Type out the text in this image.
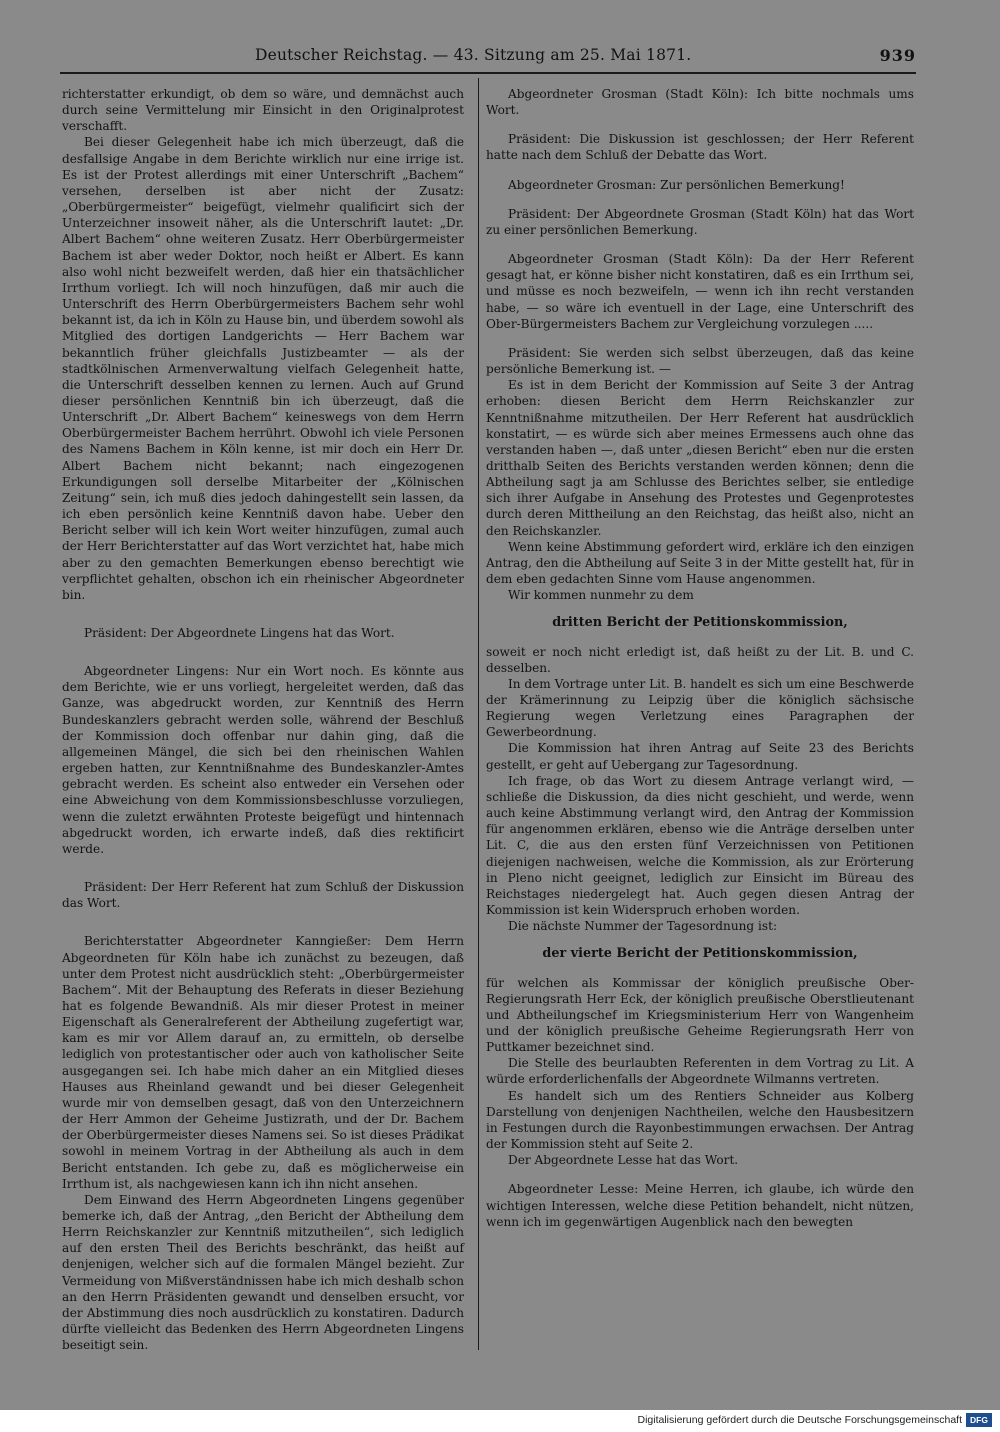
Deutscher Reichstag. — 43. Sitzung am 25. Mai 1871.	939

richterstatter erkundigt, ob dem so wäre, und demnächst auch durch seine Vermittelung mir Einsicht in den Originalprotest verschafft.

Bei dieser Gelegenheit habe ich mich überzeugt, daß die desfallsige Angabe in dem Berichte wirklich nur eine irrige ist. Es ist der Protest allerdings mit einer Unterschrift „Bachem“ versehen, derselben ist aber nicht der Zusatz: „Oberbürgermeister“ beigefügt, vielmehr qualificirt sich der Unterzeichner insoweit näher, als die Unterschrift lautet: „Dr. Albert Bachem“ ohne weiteren Zusatz. Herr Oberbürgermeister Bachem ist aber weder Doktor, noch heißt er Albert. Es kann also wohl nicht bezweifelt werden, daß hier ein thatsächlicher Irrthum vorliegt. Ich will noch hinzufügen, daß mir auch die Unterschrift des Herrn Oberbürgermeisters Bachem sehr wohl bekannt ist, da ich in Köln zu Hause bin, und überdem sowohl als Mitglied des dortigen Landgerichts — Herr Bachem war bekanntlich früher gleichfalls Justizbeamter — als der stadtkölnischen Armenverwaltung vielfach Gelegenheit hatte, die Unterschrift desselben kennen zu lernen. Auch auf Grund dieser persönlichen Kenntniß bin ich überzeugt, daß die Unterschrift „Dr. Albert Bachem“ keineswegs von dem Herrn Oberbürgermeister Bachem herrührt. Obwohl ich viele Personen des Namens Bachem in Köln kenne, ist mir doch ein Herr Dr. Albert Bachem nicht bekannt; nach eingezogenen Erkundigungen soll derselbe Mitarbeiter der „Kölnischen Zeitung“ sein, ich muß dies jedoch dahingestellt sein lassen, da ich eben persönlich keine Kenntniß davon habe. Ueber den Bericht selber will ich kein Wort weiter hinzufügen, zumal auch der Herr Berichterstatter auf das Wort verzichtet hat, habe mich aber zu den gemachten Bemerkungen ebenso berechtigt wie verpflichtet gehalten, obschon ich ein rheinischer Abgeordneter bin.

Präsident: Der Abgeordnete Lingens hat das Wort.

Abgeordneter Lingens: Nur ein Wort noch. Es könnte aus dem Berichte, wie er uns vorliegt, hergeleitet werden, daß das Ganze, was abgedruckt worden, zur Kenntniß des Herrn Bundeskanzlers gebracht werden solle, während der Beschluß der Kommission doch offenbar nur dahin ging, daß die allgemeinen Mängel, die sich bei den rheinischen Wahlen ergeben hatten, zur Kenntnißnahme des Bundeskanzler-Amtes gebracht werden. Es scheint also entweder ein Versehen oder eine Abweichung von dem Kommissionsbeschlusse vorzuliegen, wenn die zuletzt erwähnten Proteste beigefügt und hintennach abgedruckt worden, ich erwarte indeß, daß dies rektificirt werde.

Präsident: Der Herr Referent hat zum Schluß der Diskussion das Wort.

Berichterstatter Abgeordneter Kanngießer: Dem Herrn Abgeordneten für Köln habe ich zunächst zu bezeugen, daß unter dem Protest nicht ausdrücklich steht: „Oberbürgermeister Bachem“. Mit der Behauptung des Referats in dieser Beziehung hat es folgende Bewandniß. Als mir dieser Protest in meiner Eigenschaft als Generalreferent der Abtheilung zugefertigt war, kam es mir vor Allem darauf an, zu ermitteln, ob derselbe lediglich von protestantischer oder auch von katholischer Seite ausgegangen sei. Ich habe mich daher an ein Mitglied dieses Hauses aus Rheinland gewandt und bei dieser Gelegenheit wurde mir von demselben gesagt, daß von den Unterzeichnern der Herr Ammon der Geheime Justizrath, und der Dr. Bachem der Oberbürgermeister dieses Namens sei. So ist dieses Prädikat sowohl in meinem Vortrag in der Abtheilung als auch in dem Bericht entstanden. Ich gebe zu, daß es möglicherweise ein Irrthum ist, als nachgewiesen kann ich ihn nicht ansehen.

Dem Einwand des Herrn Abgeordneten Lingens gegenüber bemerke ich, daß der Antrag, „den Bericht der Abtheilung dem Herrn Reichskanzler zur Kenntniß mitzutheilen“, sich lediglich auf den ersten Theil des Berichts beschränkt, das heißt auf denjenigen, welcher sich auf die formalen Mängel bezieht. Zur Vermeidung von Mißverständnissen habe ich mich deshalb schon an den Herrn Präsidenten gewandt und denselben ersucht, vor der Abstimmung dies noch ausdrücklich zu konstatiren. Dadurch dürfte vielleicht das Bedenken des Herrn Abgeordneten Lingens beseitigt sein.

Abgeordneter Grosman (Stadt Köln): Ich bitte nochmals ums Wort.

Präsident: Die Diskussion ist geschlossen; der Herr Referent hatte nach dem Schluß der Debatte das Wort.

Abgeordneter Grosman: Zur persönlichen Bemerkung!

Präsident: Der Abgeordnete Grosman (Stadt Köln) hat das Wort zu einer persönlichen Bemerkung.

Abgeordneter Grosman (Stadt Köln): Da der Herr Referent gesagt hat, er könne bisher nicht konstatiren, daß es ein Irrthum sei, und müsse es noch bezweifeln, — wenn ich ihn recht verstanden habe, — so wäre ich eventuell in der Lage, eine Unterschrift des Ober-Bürgermeisters Bachem zur Vergleichung vorzulegen .....

Präsident: Sie werden sich selbst überzeugen, daß das keine persönliche Bemerkung ist. —

Es ist in dem Bericht der Kommission auf Seite 3 der Antrag erhoben: diesen Bericht dem Herrn Reichskanzler zur Kenntnißnahme mitzutheilen. Der Herr Referent hat ausdrücklich konstatirt, — es würde sich aber meines Ermessens auch ohne das verstanden haben —, daß unter „diesen Bericht“ eben nur die ersten dritthalb Seiten des Berichts verstanden werden können; denn die Abtheilung sagt ja am Schlusse des Berichtes selber, sie entledige sich ihrer Aufgabe in Ansehung des Protestes und Gegenprotestes durch deren Mittheilung an den Reichstag, das heißt also, nicht an den Reichskanzler.

Wenn keine Abstimmung gefordert wird, erkläre ich den einzigen Antrag, den die Abtheilung auf Seite 3 in der Mitte gestellt hat, für in dem eben gedachten Sinne vom Hause angenommen.

Wir kommen nunmehr zu dem

dritten Bericht der Petitionskommission,

soweit er noch nicht erledigt ist, daß heißt zu der Lit. B. und C. desselben.

In dem Vortrage unter Lit. B. handelt es sich um eine Beschwerde der Krämerinnung zu Leipzig über die königlich sächsische Regierung wegen Verletzung eines Paragraphen der Gewerbeordnung.

Die Kommission hat ihren Antrag auf Seite 23 des Berichts gestellt, er geht auf Uebergang zur Tagesordnung.

Ich frage, ob das Wort zu diesem Antrage verlangt wird, — schließe die Diskussion, da dies nicht geschieht, und werde, wenn auch keine Abstimmung verlangt wird, den Antrag der Kommission für angenommen erklären, ebenso wie die Anträge derselben unter Lit. C, die aus den ersten fünf Verzeichnissen von Petitionen diejenigen nachweisen, welche die Kommission, als zur Erörterung in Pleno nicht geeignet, lediglich zur Einsicht im Büreau des Reichstages niedergelegt hat. Auch gegen diesen Antrag der Kommission ist kein Widerspruch erhoben worden.

Die nächste Nummer der Tagesordnung ist:

der vierte Bericht der Petitionskommission,

für welchen als Kommissar der königlich preußische Ober-Regierungsrath Herr Eck, der königlich preußische Oberstlieutenant und Abtheilungschef im Kriegsministerium Herr von Wangenheim und der königlich preußische Geheime Regierungsrath Herr von Puttkamer bezeichnet sind.

Die Stelle des beurlaubten Referenten in dem Vortrag zu Lit. A würde erforderlichenfalls der Abgeordnete Wilmanns vertreten.

Es handelt sich um des Rentiers Schneider aus Kolberg Darstellung von denjenigen Nachtheilen, welche den Hausbesitzern in Festungen durch die Rayonbestimmungen erwachsen. Der Antrag der Kommission steht auf Seite 2.

Der Abgeordnete Lesse hat das Wort.

Abgeordneter Lesse: Meine Herren, ich glaube, ich würde den wichtigen Interessen, welche diese Petition behandelt, nicht nützen, wenn ich im gegenwärtigen Augenblick nach den bewegten

Digitalisierung gefördert durch die Deutsche Forschungsgemeinschaft DFG
